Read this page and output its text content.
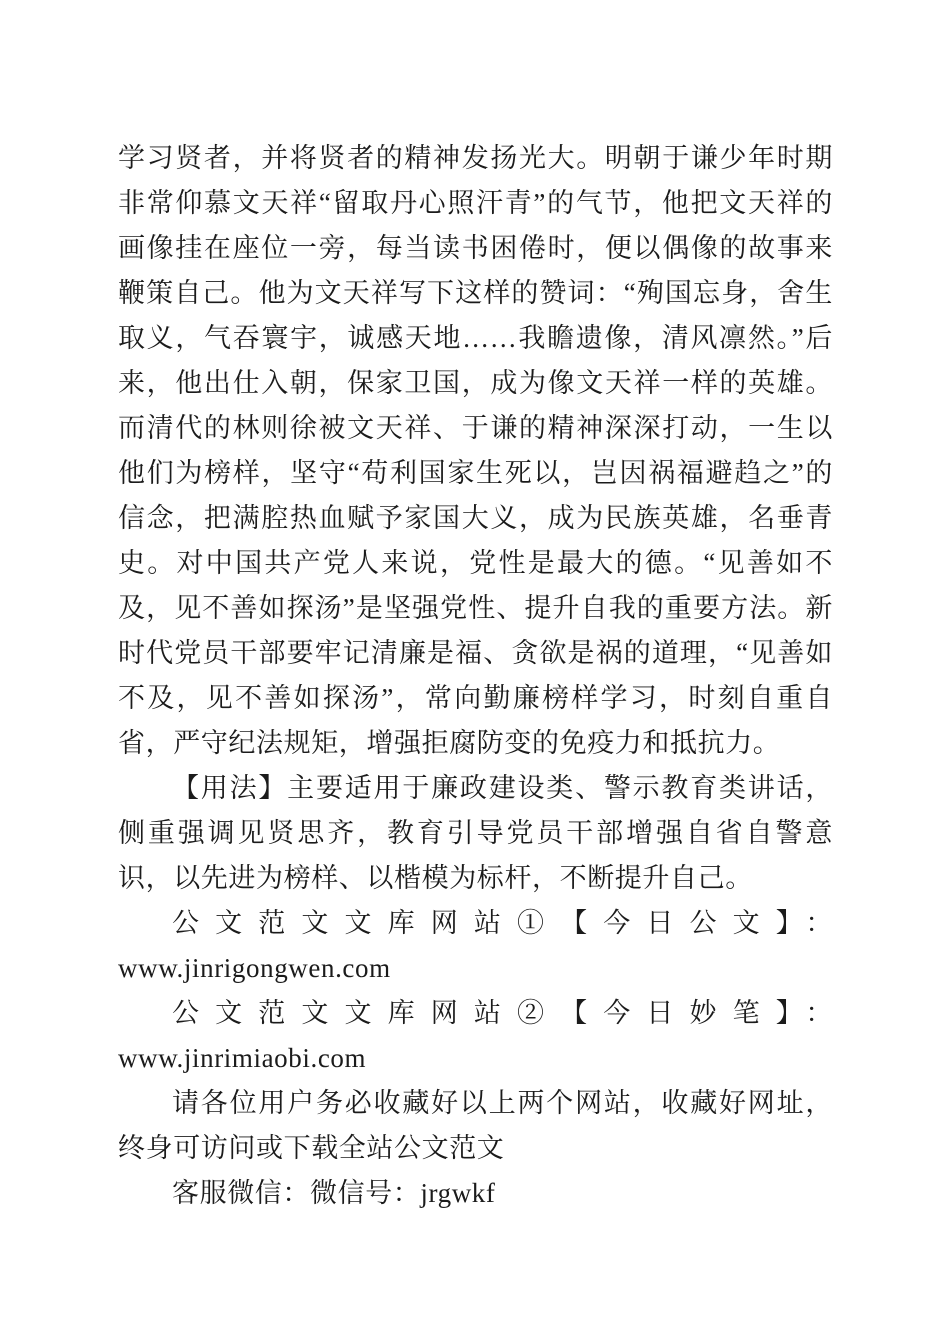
学习贤者，并将贤者的精神发扬光大。明朝于谦少年时期非常仰慕文天祥“留取丹心照汗青”的气节，他把文天祥的画像挂在座位一旁，每当读书困倦时，便以偶像的故事来鞭策自己。他为文天祥写下这样的赞词：“殉国忘身，舍生取义，气吞寰宇，诚感天地……我瞻遗像，清风凛然。”后来，他出仕入朝，保家卫国，成为像文天祥一样的英雄。而清代的林则徐被文天祥、于谦的精神深深打动，一生以他们为榜样，坚守“苟利国家生死以，岂因祸福避趋之”的信念，把满腔热血赋予家国大义，成为民族英雄，名垂青史。对中国共产党人来说，党性是最大的德。“见善如不及，见不善如探汤”是坚强党性、提升自我的重要方法。新时代党员干部要牢记清廉是福、贪欲是祸的道理，“见善如不及，见不善如探汤”，常向勤廉榜样学习，时刻自重自省，严守纪法规矩，增强拒腐防变的免疫力和抵抗力。

【用法】主要适用于廉政建设类、警示教育类讲话，侧重强调见贤思齐，教育引导党员干部增强自省自警意识，以先进为榜样、以楷模为标杆，不断提升自己。

公文范文文库网站①【今日公文】：

www.jinrigongwen.com

公文范文文库网站②【今日妙笔】：www.jinrimiaobi.com

请各位用户务必收藏好以上两个网站，收藏好网址，终身可访问或下载全站公文范文

客服微信：微信号：jrgwkf
